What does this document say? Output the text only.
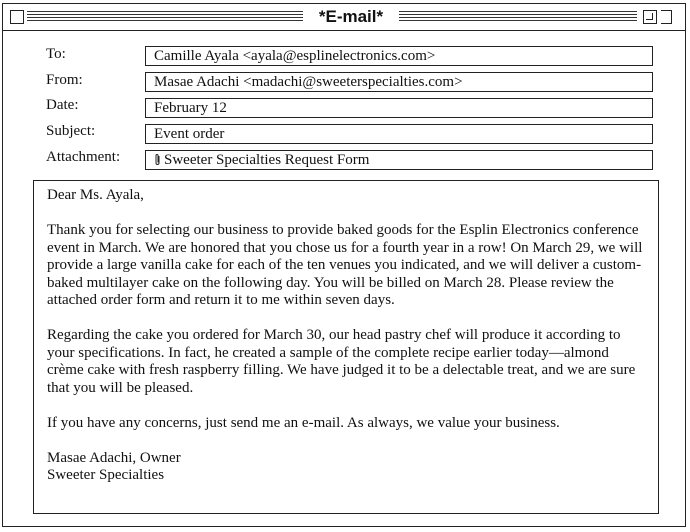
*E-mail*
To:	Camille Ayala <ayala@esplinelectronics.com>
From:	Masae Adachi <madachi@sweeterspecialties.com>
Date:	February 12
Subject:	Event order
Attachment:	Sweeter Specialties Request Form

Dear Ms. Ayala,

Thank you for selecting our business to provide baked goods for the Esplin Electronics conference event in March. We are honored that you chose us for a fourth year in a row! On March 29, we will provide a large vanilla cake for each of the ten venues you indicated, and we will deliver a custom-baked multilayer cake on the following day. You will be billed on March 28. Please review the attached order form and return it to me within seven days.

Regarding the cake you ordered for March 30, our head pastry chef will produce it according to your specifications. In fact, he created a sample of the complete recipe earlier today—almond crème cake with fresh raspberry filling. We have judged it to be a delectable treat, and we are sure that you will be pleased.

If you have any concerns, just send me an e-mail. As always, we value your business.

Masae Adachi, Owner

Sweeter Specialties
